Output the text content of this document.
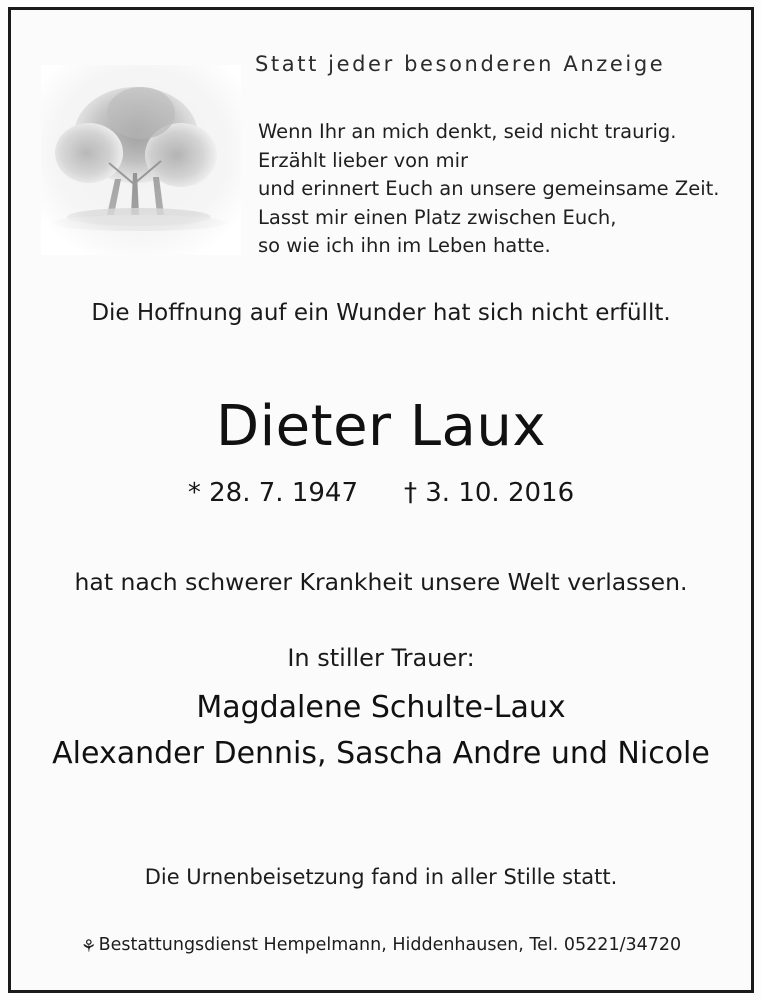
Statt jeder besonderen Anzeige
Wenn Ihr an mich denkt, seid nicht traurig.
Erzählt lieber von mir
und erinnert Euch an unsere gemeinsame Zeit.
Lasst mir einen Platz zwischen Euch,
so wie ich ihn im Leben hatte.
Die Hoffnung auf ein Wunder hat sich nicht erfüllt.
Dieter Laux
* 28. 7. 1947 † 3. 10. 2016
hat nach schwerer Krankheit unsere Welt verlassen.
In stiller Trauer:
Magdalene Schulte-Laux
Alexander Dennis, Sascha Andre und Nicole
Die Urnenbeisetzung fand in aller Stille statt.
⚘ Bestattungsdienst Hempelmann, Hiddenhausen, Tel. 05221/34720
